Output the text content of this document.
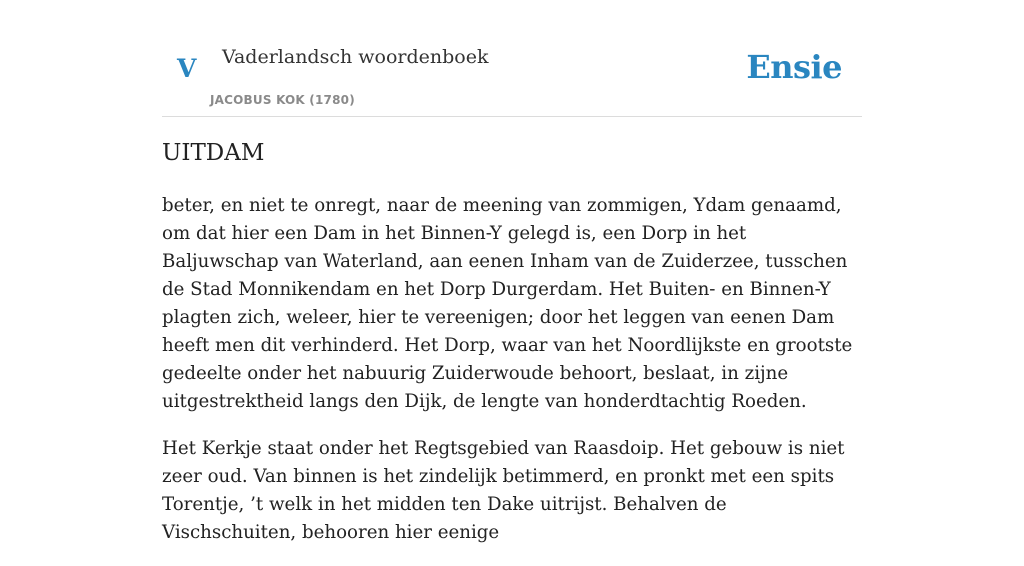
V Vaderlandsch woordenboek
JACOBUS KOK (1780)
Ensie
UITDAM

beter, en niet te onregt, naar de meening van zommigen, Ydam genaamd, om dat hier een Dam in het Binnen-Y gelegd is, een Dorp in het Baljuwschap van Waterland, aan eenen Inham van de Zuiderzee, tusschen de Stad Monnikendam en het Dorp Durgerdam. Het Buiten- en Binnen-Y plagten zich, weleer, hier te vereenigen; door het leggen van eenen Dam heeft men dit verhinderd. Het Dorp, waar van het Noordlijkste en grootste gedeelte onder het nabuurig Zuiderwoude behoort, beslaat, in zijne uitgestrektheid langs den Dijk, de lengte van honderdtachtig Roeden.

Het Kerkje staat onder het Regtsgebied van Raasdoip. Het gebouw is niet zeer oud. Van binnen is het zindelijk betimmerd, en pronkt met een spits Torentje, ’t welk in het midden ten Dake uitrijst. Behalven de Vischschuiten, behooren hier eenige
